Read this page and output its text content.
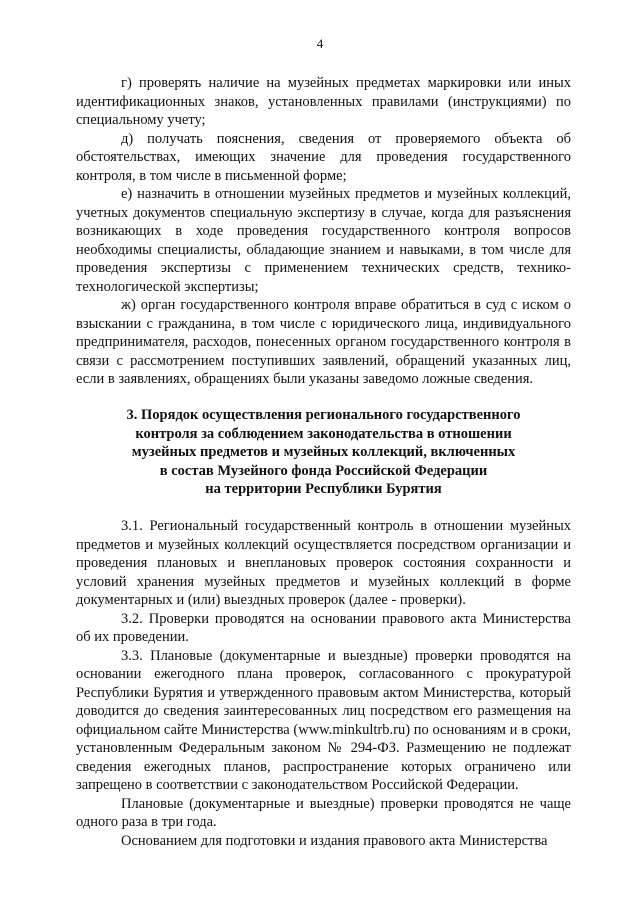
4

г) проверять наличие на музейных предметах маркировки или иных идентификационных знаков, установленных правилами (инструкциями) по специальному учету;

д) получать пояснения, сведения от проверяемого объекта об обстоятельствах, имеющих значение для проведения государственного контроля, в том числе в письменной форме;

е) назначить в отношении музейных предметов и музейных коллекций, учетных документов специальную экспертизу в случае, когда для разъяснения возникающих в ходе проведения государственного контроля вопросов необходимы специалисты, обладающие знанием и навыками, в том числе для проведения экспертизы с применением технических средств, технико-технологической экспертизы;

ж) орган государственного контроля вправе обратиться в суд с иском о взыскании с гражданина, в том числе с юридического лица, индивидуального предпринимателя, расходов, понесенных органом государственного контроля в связи с рассмотрением поступивших заявлений, обращений указанных лиц, если в заявлениях, обращениях были указаны заведомо ложные сведения.

3. Порядок осуществления регионального государственного
контроля за соблюдением законодательства в отношении
музейных предметов и музейных коллекций, включенных
в состав Музейного фонда Российской Федерации
на территории Республики Бурятия

3.1. Региональный государственный контроль в отношении музейных предметов и музейных коллекций осуществляется посредством организации и проведения плановых и внеплановых проверок состояния сохранности и условий хранения музейных предметов и музейных коллекций в форме документарных и (или) выездных проверок (далее - проверки).

3.2. Проверки проводятся на основании правового акта Министерства об их проведении.

3.3. Плановые (документарные и выездные) проверки проводятся на основании ежегодного плана проверок, согласованного с прокуратурой Республики Бурятия и утвержденного правовым актом Министерства, который доводится до сведения заинтересованных лиц посредством его размещения на официальном сайте Министерства (www.minkultrb.ru) по основаниям и в сроки, установленным Федеральным законом № 294-ФЗ. Размещению не подлежат сведения ежегодных планов, распространение которых ограничено или запрещено в соответствии с законодательством Российской Федерации.

Плановые (документарные и выездные) проверки проводятся не чаще одного раза в три года.

Основанием для подготовки и издания правового акта Министерства
